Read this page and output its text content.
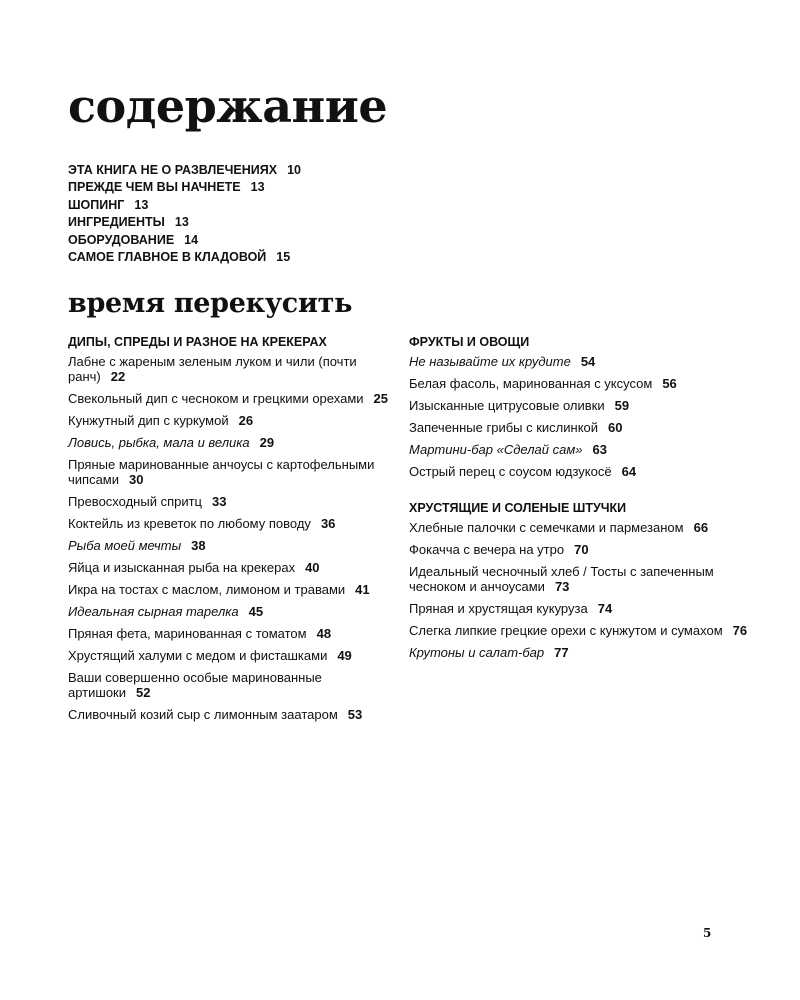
содержание
ЭТА КНИГА НЕ О РАЗВЛЕЧЕНИЯХ 10
ПРЕЖДЕ ЧЕМ ВЫ НАЧНЕТЕ 13
ШОПИНГ 13
ИНГРЕДИЕНТЫ 13
ОБОРУДОВАНИЕ 14
САМОЕ ГЛАВНОЕ В КЛАДОВОЙ 15
время перекусить
ДИПЫ, СПРЕДЫ И РАЗНОЕ НА КРЕКЕРАХ
Лабне с жареным зеленым луком и чили (почти ранч) 22
Свекольный дип с чесноком и грецкими орехами 25
Кунжутный дип с куркумой 26
Ловись, рыбка, мала и велика 29
Пряные маринованные анчоусы с картофельными чипсами 30
Превосходный спритц 33
Коктейль из креветок по любому поводу 36
Рыба моей мечты 38
Яйца и изысканная рыба на крекерах 40
Икра на тостах с маслом, лимоном и травами 41
Идеальная сырная тарелка 45
Пряная фета, маринованная с томатом 48
Хрустящий халуми с медом и фисташками 49
Ваши совершенно особые маринованные артишоки 52
Сливочный козий сыр с лимонным заатаром 53
ФРУКТЫ И ОВОЩИ
Не называйте их крудите 54
Белая фасоль, маринованная с уксусом 56
Изысканные цитрусовые оливки 59
Запеченные грибы с кислинкой 60
Мартини-бар «Сделай сам» 63
Острый перец с соусом юдзукосё 64
ХРУСТЯЩИЕ И СОЛЕНЫЕ ШТУЧКИ
Хлебные палочки с семечками и пармезаном 66
Фокачча с вечера на утро 70
Идеальный чесночный хлеб / Тосты с запеченным чесноком и анчоусами 73
Пряная и хрустящая кукуруза 74
Слегка липкие грецкие орехи с кунжутом и сумахом 76
Крутоны и салат-бар 77
5
